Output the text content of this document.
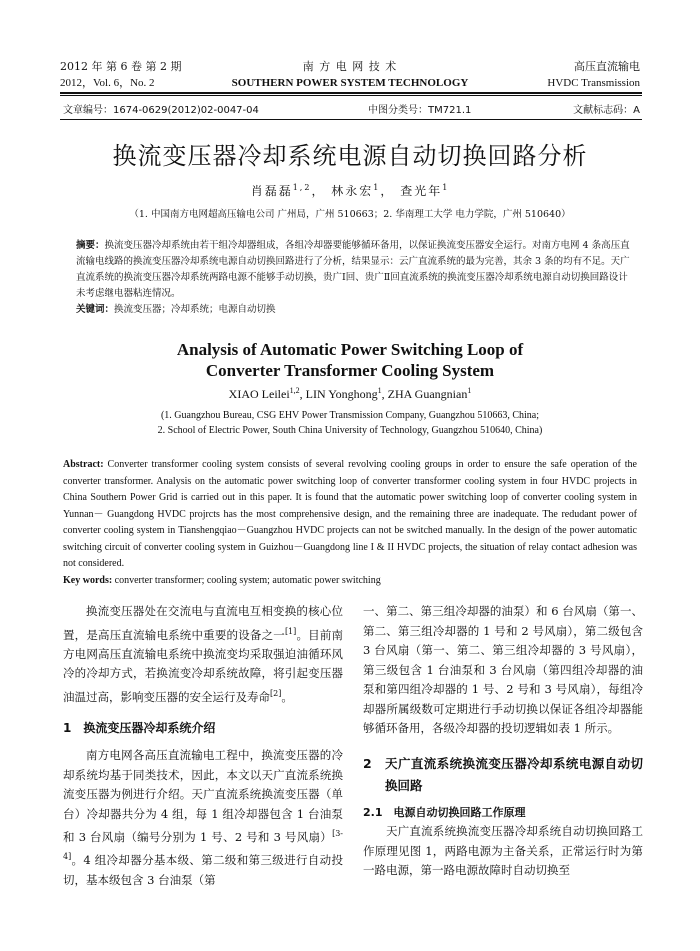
2012 年 第 6 卷 第 2 期
2012，Vol. 6，No. 2
南 方 电 网 技 术
SOUTHERN POWER SYSTEM TECHNOLOGY
高压直流输电
HVDC Transmission
文章编号：1674-0629(2012)02-0047-04	中图分类号：TM721.1	文献标志码：A
换流变压器冷却系统电源自动切换回路分析
肖磊磊$^{1,2}$， 林永宏$^1$， 查光年$^1$
（1. 中国南方电网超高压输电公司 广州局，广州 510663；2. 华南理工大学 电力学院，广州 510640）
摘要：换流变压器冷却系统由若干组冷却器组成，各组冷却器要能够循环备用，以保证换流变压器安全运行。对南方电网 4 条高压直流输电线路的换流变压器冷却系统电源自动切换回路进行了分析，结果显示：云广直流系统的最为完善，其余 3 条的均有不足。天广直流系统的换流变压器冷却系统两路电源不能够手动切换，贵广Ⅰ回、贵广Ⅱ回直流系统的换流变压器冷却系统电源自动切换回路设计未考虑继电器粘连情况。
关键词：换流变压器；冷却系统；电源自动切换
Analysis of Automatic Power Switching Loop of
Converter Transformer Cooling System
XIAO Leilei$^{1,2}$, LIN Yonghong$^1$, ZHA Guangnian$^1$
(1. Guangzhou Bureau, CSG EHV Power Transmission Company, Guangzhou 510663, China;
2. School of Electric Power, South China University of Technology, Guangzhou 510640, China)
Abstract: Converter transformer cooling system consists of several revolving cooling groups in order to ensure the safe operation of the converter transformer. Analysis on the automatic power switching loop of converter transformer cooling system in four HVDC projects in China Southern Power Grid is carried out in this paper. It is found that the automatic power switching loop of converter cooling system in Yunnan－ Guangdong HVDC projrcts has the most comprehensive design, and the remaining three are inadequate. The redudant power of converter cooling system in Tianshengqiao－Guangzhou HVDC projects can not be switched manually. In the design of the power automatic switching circuit of converter cooling system in Guizhou－Guangdong line I & II HVDC projects, the situation of relay contact adhesion was not considered.
Key words: converter transformer; cooling system; automatic power switching

换流变压器处在交流电与直流电互相变换的核心位置，是高压直流输电系统中重要的设备之一[1]。目前南方电网高压直流输电系统中换流变均采取强迫油循环风冷的冷却方式，若换流变冷却系统故障，将引起变压器油温过高，影响变压器的安全运行及寿命[2]。

1　换流变压器冷却系统介绍

南方电网各高压直流输电工程中，换流变压器的冷却系统均基于同类技术，因此，本文以天广直流系统换流变压器为例进行介绍。天广直流系统换流变压器（单台）冷却器共分为 4 组，每 1 组冷却器包含 1 台油泵和 3 台风扇（编号分别为 1 号、2 号和 3 号风扇）[3-4]。4 组冷却器分基本级、第二级和第三级进行自动投切，基本级包含 3 台油泵（第

一、第二、第三组冷却器的油泵）和 6 台风扇（第一、第二、第三组冷却器的 1 号和 2 号风扇），第二级包含 3 台风扇（第一、第二、第三组冷却器的 3 号风扇），第三级包含 1 台油泵和 3 台风扇（第四组冷却器的油泵和第四组冷却器的 1 号、2 号和 3 号风扇），每组冷却器所属级数可定期进行手动切换以保证各组冷却器能够循环备用，各级冷却器的投切逻辑如表 1 所示。

2　天广直流系统换流变压器冷却系统电源自动切换回路

2.1　电源自动切换回路工作原理

天广直流系统换流变压器冷却系统自动切换回路工作原理见图 1，两路电源为主备关系，正常运行时为第一路电源，第一路电源故障时自动切换至
